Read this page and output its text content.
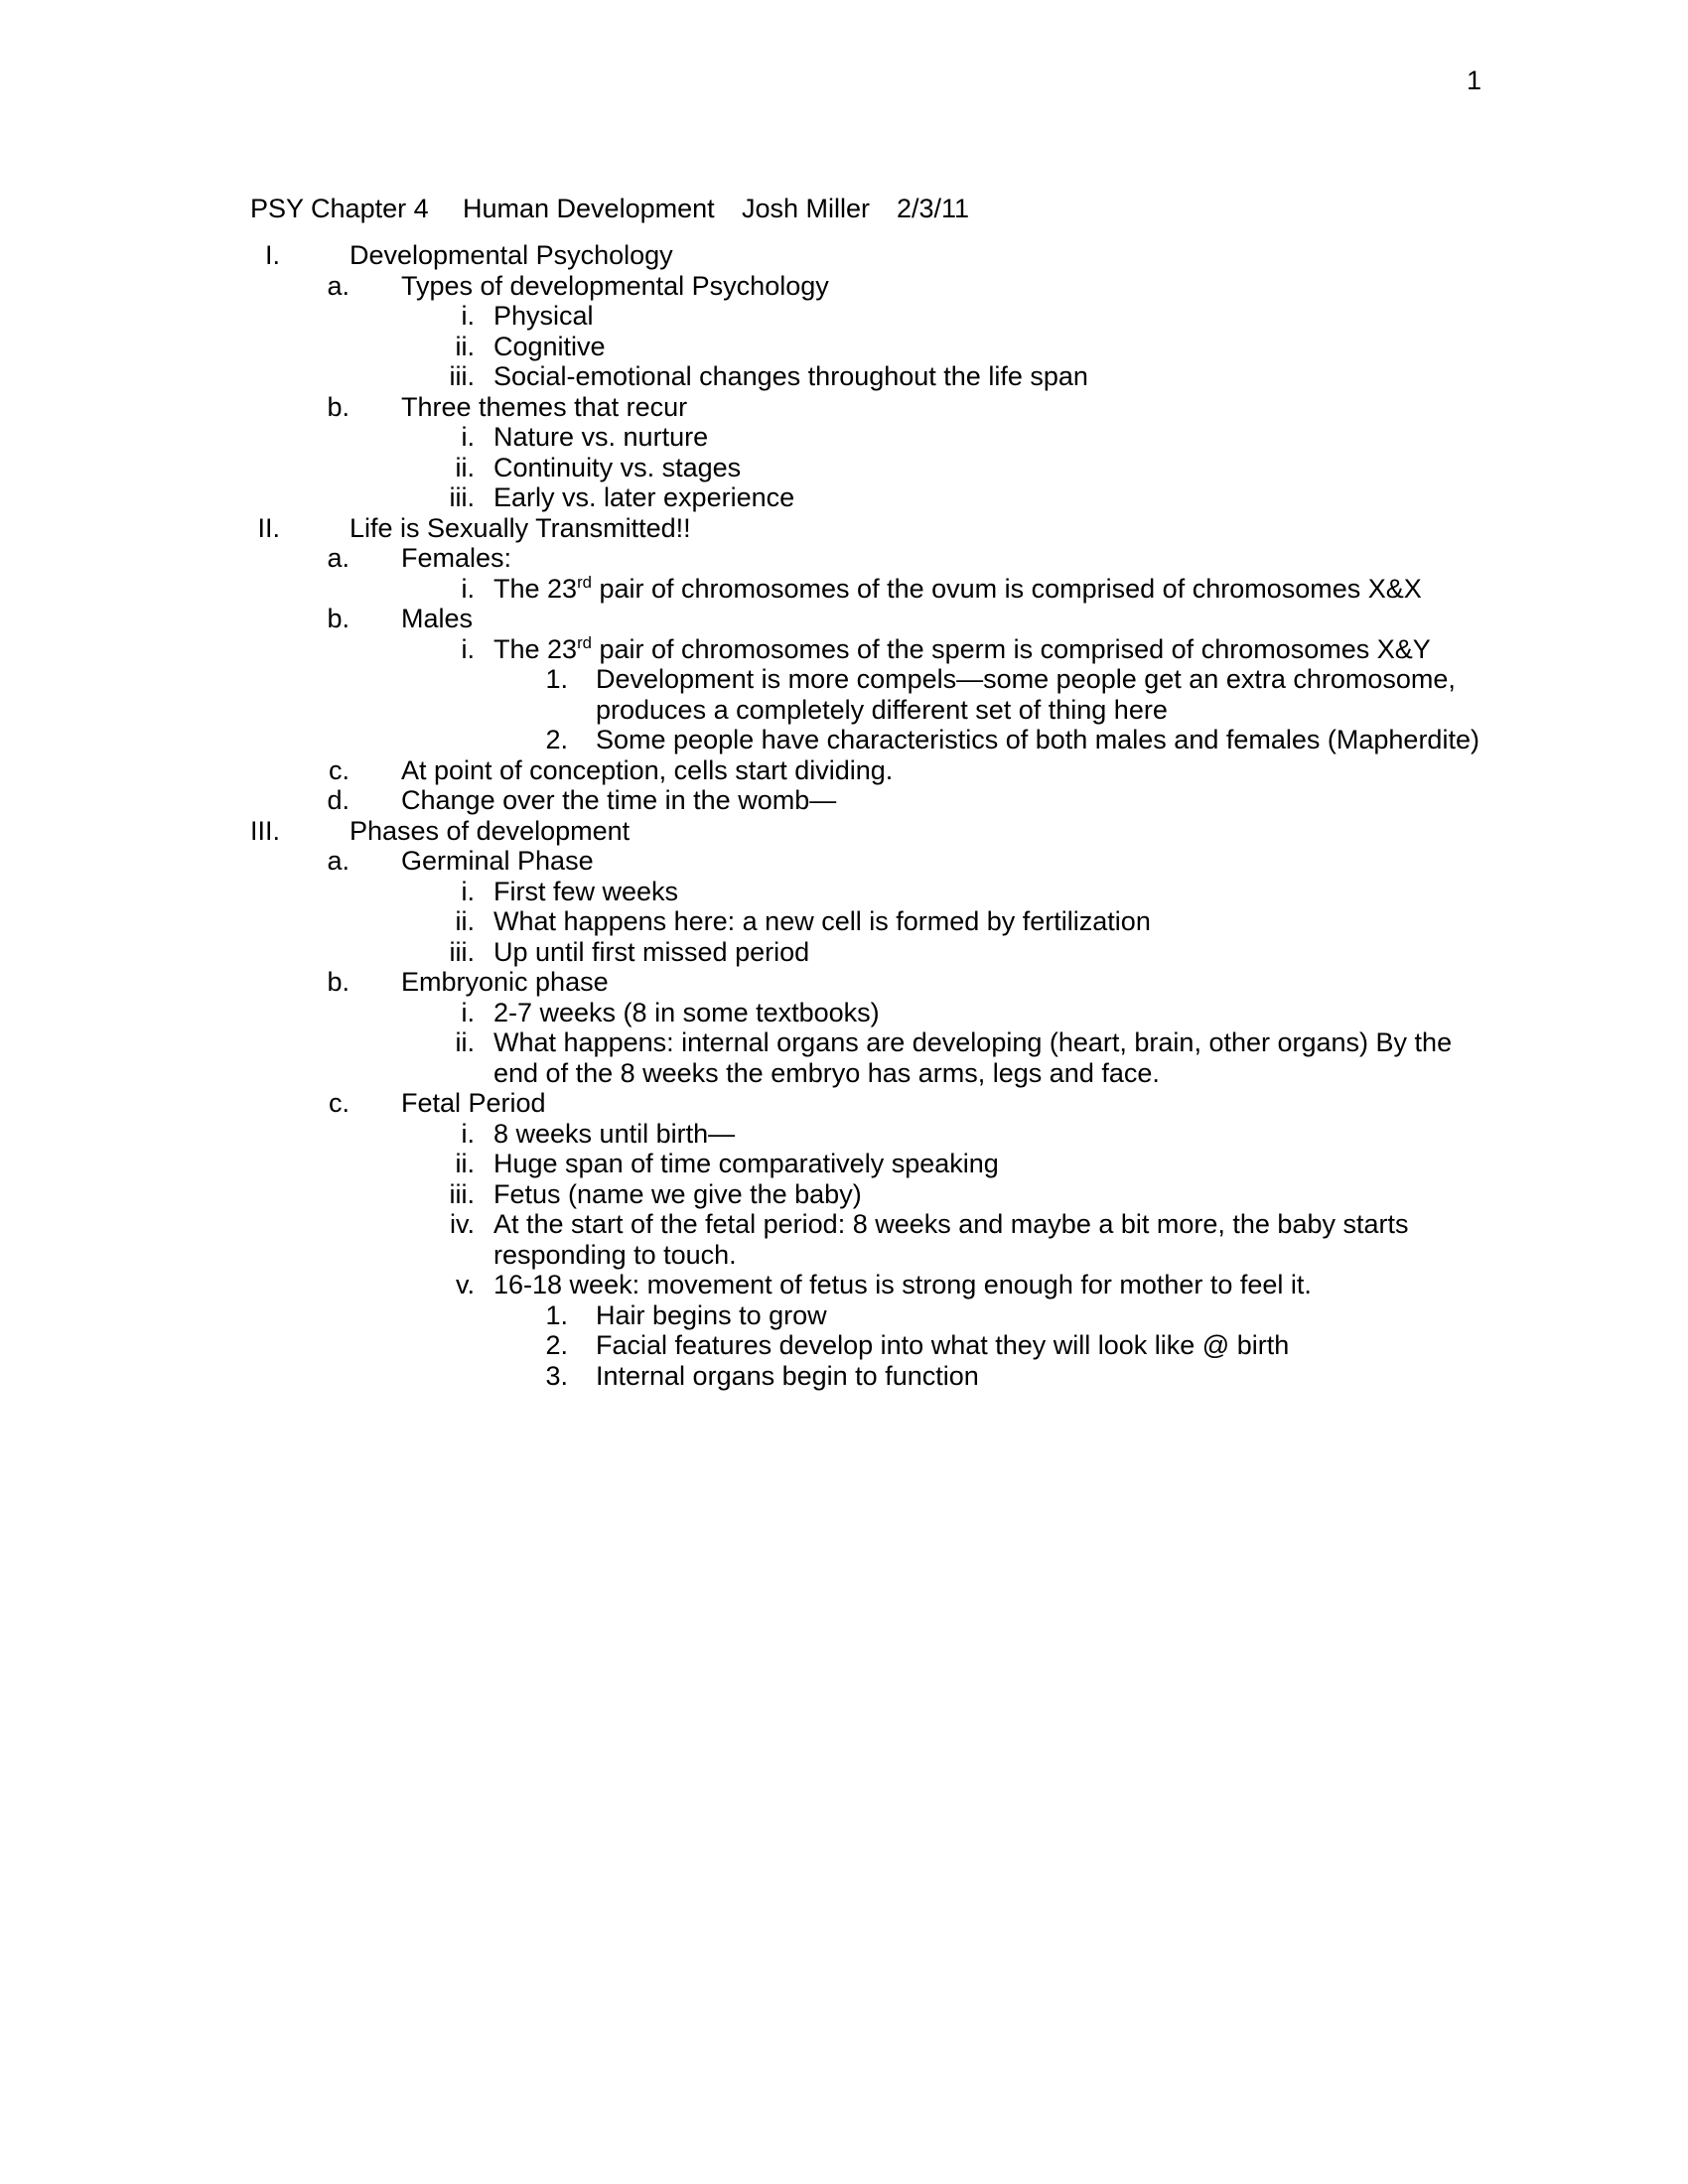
1
PSY Chapter 4 Human Development Josh Miller 2/3/11
I.	Developmental Psychology
a. Types of developmental Psychology
i. Physical
ii. Cognitive
iii. Social-emotional changes throughout the life span
b. Three themes that recur
i. Nature vs. nurture
ii. Continuity vs. stages
iii. Early vs. later experience
II.	Life is Sexually Transmitted!!
a. Females:
i. The 23rd pair of chromosomes of the ovum is comprised of chromosomes X&X
b. Males
i. The 23rd pair of chromosomes of the sperm is comprised of chromosomes X&Y
1. Development is more compels—some people get an extra chromosome, produces a completely different set of thing here
2. Some people have characteristics of both males and females (Mapherdite)
c. At point of conception, cells start dividing.
d. Change over the time in the womb—
III.	Phases of development
a. Germinal Phase
i. First few weeks
ii. What happens here: a new cell is formed by fertilization
iii. Up until first missed period
b. Embryonic phase
i. 2-7 weeks (8 in some textbooks)
ii. What happens: internal organs are developing (heart, brain, other organs) By the end of the 8 weeks the embryo has arms, legs and face.
c. Fetal Period
i. 8 weeks until birth—
ii. Huge span of time comparatively speaking
iii. Fetus (name we give the baby)
iv. At the start of the fetal period: 8 weeks and maybe a bit more, the baby starts responding to touch.
v. 16-18 week: movement of fetus is strong enough for mother to feel it.
1. Hair begins to grow
2. Facial features develop into what they will look like @ birth
3. Internal organs begin to function
